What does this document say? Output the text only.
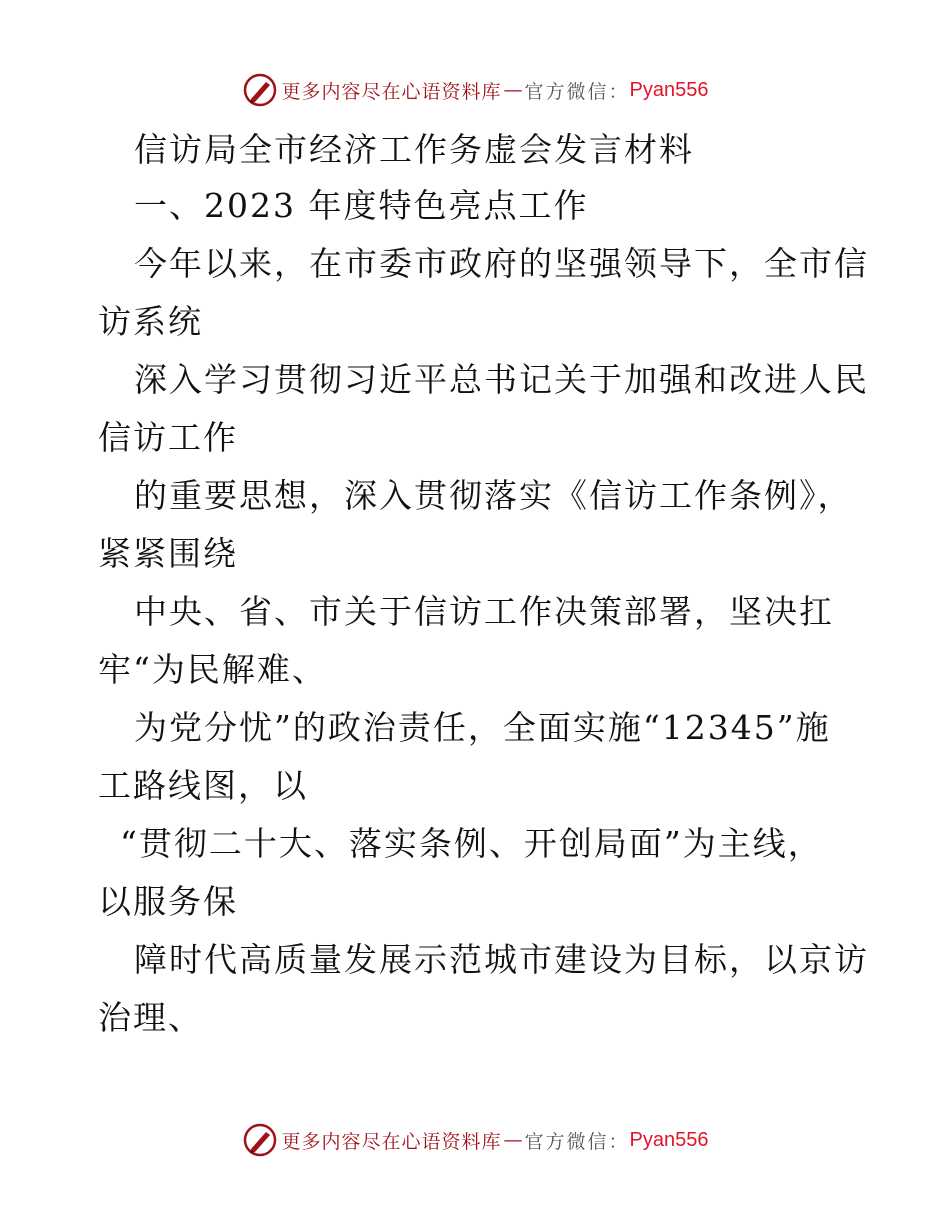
更多内容尽在心语资料库 — 官方微信： Pyan556
信访局全市经济工作务虚会发言材料
一、2023 年度特色亮点工作
今年以来，在市委市政府的坚强领导下，全市信
访系统
深入学习贯彻习近平总书记关于加强和改进人民
信访工作
的重要思想，深入贯彻落实《信访工作条例》，
紧紧围绕
中央、省、市关于信访工作决策部署，坚决扛
牢“为民解难、
为党分忧”的政治责任，全面实施“12345”施
工路线图，以
“贯彻二十大、落实条例、开创局面”为主线，
以服务保
障时代高质量发展示范城市建设为目标，以京访
治理、
更多内容尽在心语资料库 — 官方微信： Pyan556
